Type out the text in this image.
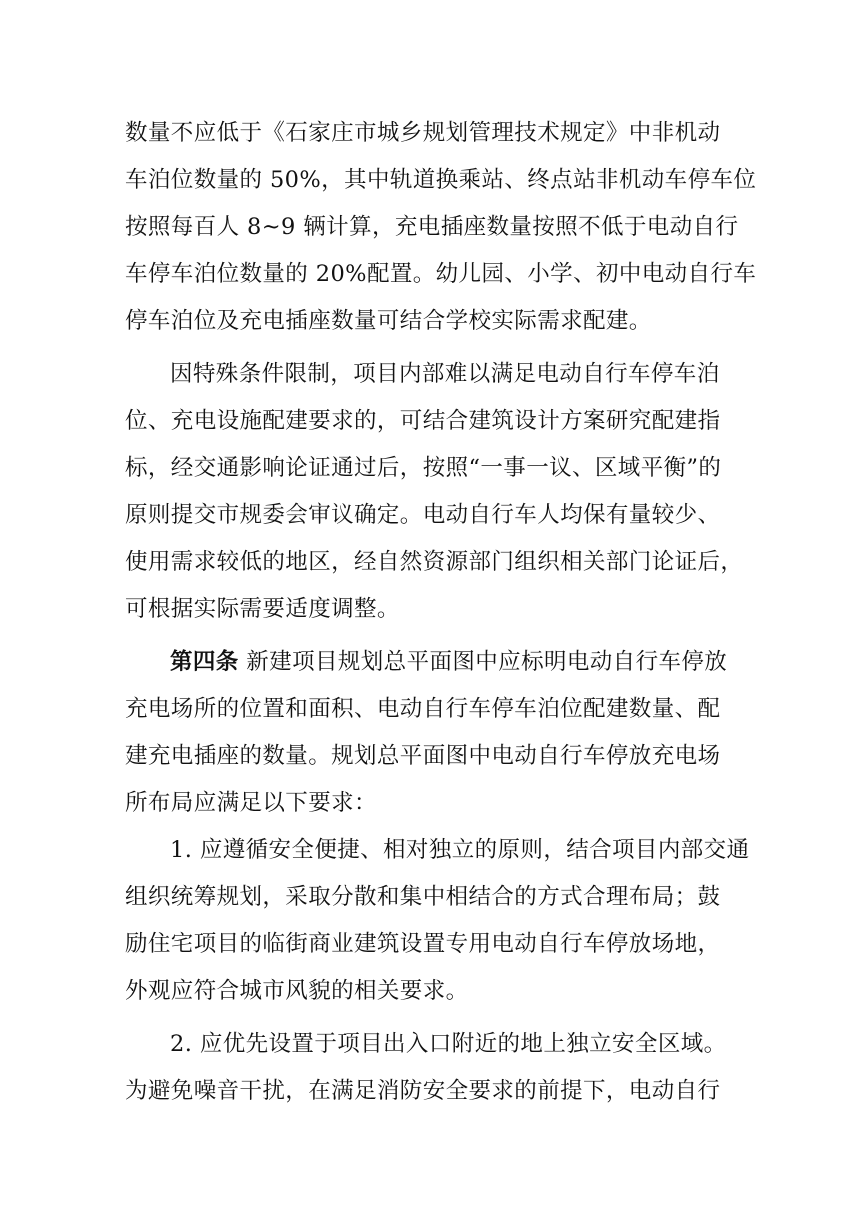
数量不应低于《石家庄市城乡规划管理技术规定》中非机动
车泊位数量的 50%，其中轨道换乘站、终点站非机动车停车位
按照每百人 8~9 辆计算，充电插座数量按照不低于电动自行
车停车泊位数量的 20%配置。幼儿园、小学、初中电动自行车
停车泊位及充电插座数量可结合学校实际需求配建。
因特殊条件限制，项目内部难以满足电动自行车停车泊
位、充电设施配建要求的，可结合建筑设计方案研究配建指
标，经交通影响论证通过后，按照“一事一议、区域平衡”的
原则提交市规委会审议确定。电动自行车人均保有量较少、
使用需求较低的地区，经自然资源部门组织相关部门论证后，
可根据实际需要适度调整。
第四条 新建项目规划总平面图中应标明电动自行车停放
充电场所的位置和面积、电动自行车停车泊位配建数量、配
建充电插座的数量。规划总平面图中电动自行车停放充电场
所布局应满足以下要求：
1. 应遵循安全便捷、相对独立的原则，结合项目内部交通
组织统筹规划，采取分散和集中相结合的方式合理布局；鼓
励住宅项目的临街商业建筑设置专用电动自行车停放场地，
外观应符合城市风貌的相关要求。
2. 应优先设置于项目出入口附近的地上独立安全区域。
为避免噪音干扰，在满足消防安全要求的前提下，电动自行
